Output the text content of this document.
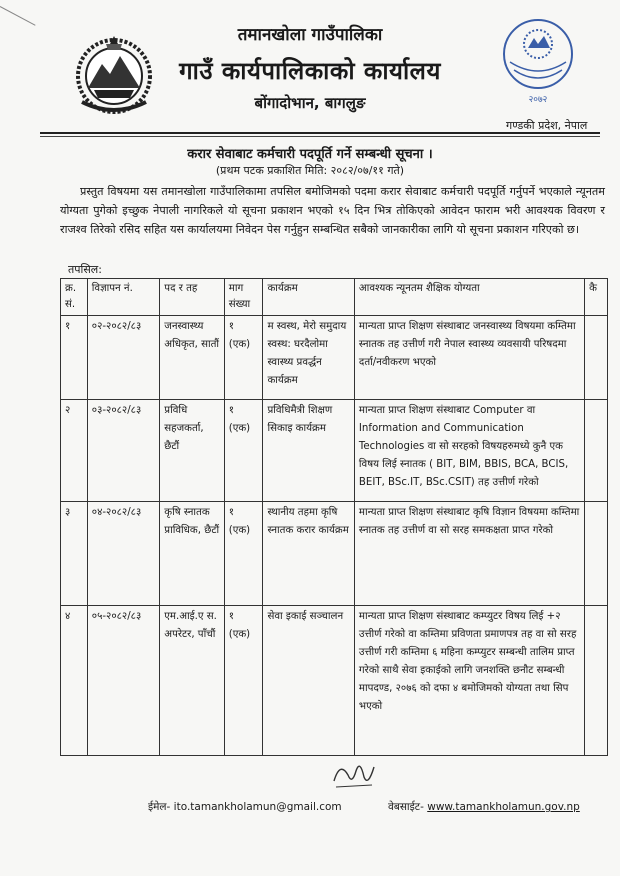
२०७२
तमानखोला गाउँपालिका
गाउँ कार्यपालिकाको कार्यालय
बोंगादोभान, बागलुङ
गण्डकी प्रदेश, नेपाल
करार सेवाबाट कर्मचारी पदपूर्ति गर्ने सम्बन्धी सूचना ।
(प्रथम पटक प्रकाशित मिति: २०८२/०७/११ गते)
प्रस्तुत विषयमा यस तमानखोला गाउँपालिकामा तपसिल बमोजिमको पदमा करार सेवाबाट कर्मचारी पदपूर्ति गर्नुपर्ने भएकाले न्यूनतम योग्यता पुगेको इच्छुक नेपाली नागरिकले यो सूचना प्रकाशन भएको १५ दिन भित्र तोकिएको आवेदन फाराम भरी आवश्यक विवरण र राजश्व तिरेको रसिद सहित यस कार्यालयमा निवेदन पेस गर्नुहुन सम्बन्धित सबैको जानकारीका लागि यो सूचना प्रकाशन गरिएको छ।
तपसिल:
क्र. सं.	विज्ञापन नं.	पद र तह	माग संख्या	कार्यक्रम	आवश्यक न्यूनतम शैक्षिक योग्यता	कै
१	०२-२०८२/८३	जनस्वास्थ्य अधिकृत, सातौं	१ (एक)	म स्वस्थ, मेरो समुदाय स्वस्थ: घरदैलोमा स्वास्थ्य प्रवर्द्धन कार्यक्रम	मान्यता प्राप्त शिक्षण संस्थाबाट जनस्वास्थ्य विषयमा कम्तिमा स्नातक तह उत्तीर्ण गरी नेपाल स्वास्थ्य व्यवसायी परिषदमा दर्ता/नवीकरण भएको	
२	०३-२०८२/८३	प्रविधि सहजकर्ता, छैटौं	१ (एक)	प्रविधिमैत्री शिक्षण सिकाइ कार्यक्रम	मान्यता प्राप्त शिक्षण संस्थाबाट Computer वा Information and Communication Technologies वा सो सरहको विषयहरुमध्ये कुनै एक विषय लिई स्नातक ( BIT, BIM, BBIS, BCA, BCIS, BEIT, BSc.IT, BSc.CSIT) तह उत्तीर्ण गरेको	
३	०४-२०८२/८३	कृषि स्नातक प्राविधिक, छैटौं	१ (एक)	स्थानीय तहमा कृषि स्नातक करार कार्यक्रम	मान्यता प्राप्त शिक्षण संस्थाबाट कृषि विज्ञान विषयमा कम्तिमा स्नातक तह उत्तीर्ण वा सो सरह समकक्षता प्राप्त गरेको	
४	०५-२०८२/८३	एम.आई.ए स. अपरेटर, पाँचौं	१ (एक)	सेवा इकाई सञ्चालन	मान्यता प्राप्त शिक्षण संस्थाबाट कम्प्युटर विषय लिई +२ उत्तीर्ण गरेको वा कम्तिमा प्रविणता प्रमाणपत्र तह वा सो सरह उत्तीर्ण गरी कम्तिमा ६ महिना कम्प्युटर सम्बन्धी तालिम प्राप्त गरेको साथै सेवा इकाईको लागि जनशक्ति छनौट सम्बन्धी मापदण्ड, २०७६ को दफा ४ बमोजिमको योग्यता तथा सिप भएको	
ईमेल- ito.tamankholamun@gmail.com	वेबसाईट- www.tamankholamun.gov.np
